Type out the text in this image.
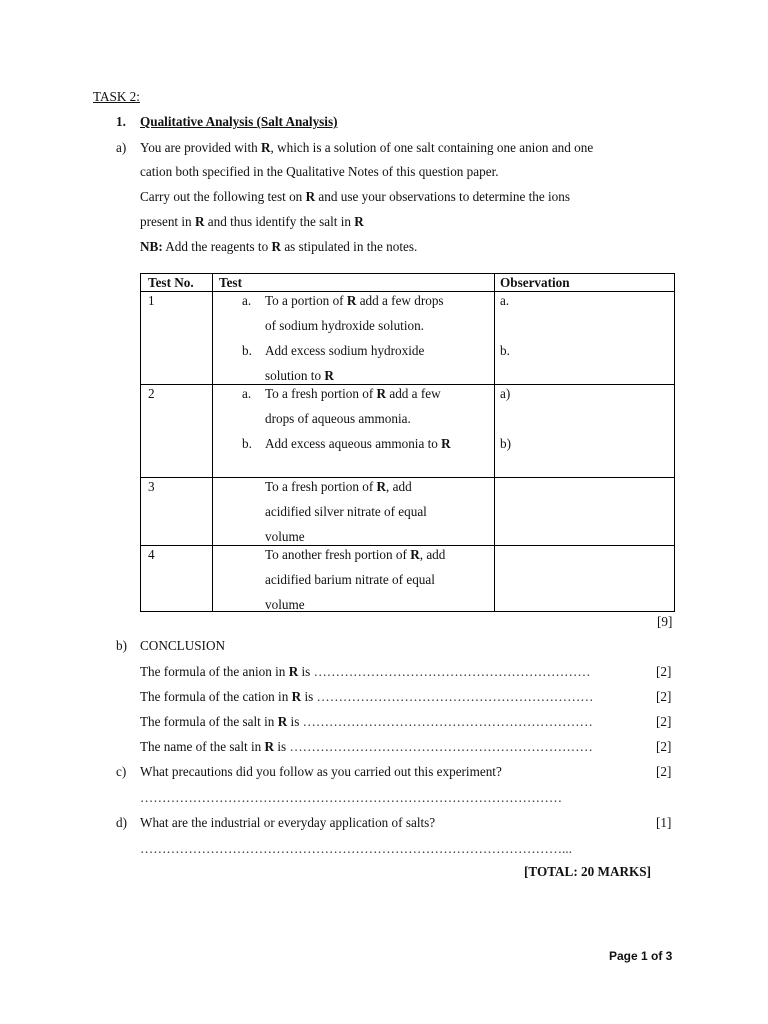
TASK 2:
1. Qualitative Analysis (Salt Analysis)
a) You are provided with R, which is a solution of one salt containing one anion and one
cation both specified in the Qualitative Notes of this question paper.
Carry out the following test on R and use your observations to determine the ions
present in R and thus identify the salt in R
NB: Add the reagents to R as stipulated in the notes.
Test No. Test	Observation
1	a. To a portion of R add a few drops
of sodium hydroxide solution.
b. Add excess sodium hydroxide
solution to R
a.
b.
2	a. To a fresh portion of R add a few
drops of aqueous ammonia.
b. Add excess aqueous ammonia to R
a)
b)
3	To a fresh portion of R, add
acidified silver nitrate of equal
volume
4	To another fresh portion of R, add
acidified barium nitrate of equal
volume
[9]
b) CONCLUSION
The formula of the anion in R is ………………………………………………………	[2]
The formula of the cation in R is ………………………………………………………	[2]
The formula of the salt in R is …………………………………………………………	[2]
The name of the salt in R is ……………………………………………………………	[2]
c) What precautions did you follow as you carried out this experiment?	[2]
……………………………………………………………………………………
d) What are the industrial or everyday application of salts?	[1]
……………………………………………………………………………………...
[TOTAL: 20 MARKS]
Page 1 of 3
